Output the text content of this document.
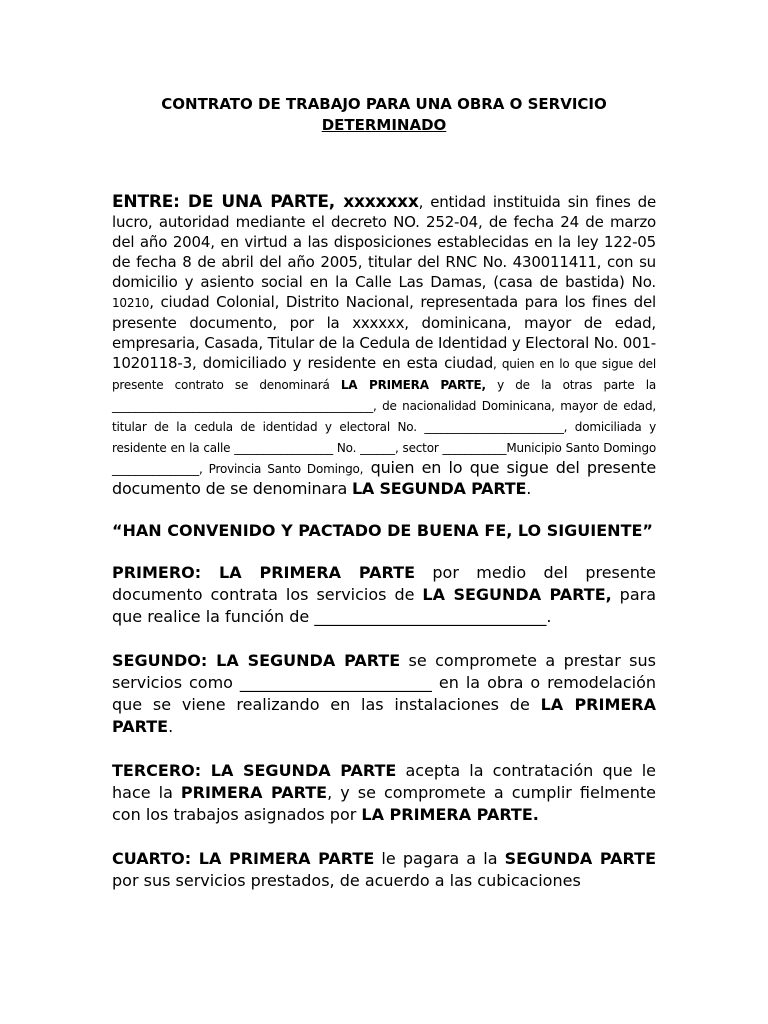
CONTRATO DE TRABAJO PARA UNA OBRA O SERVICIO
DETERMINADO

ENTRE: DE UNA PARTE, xxxxxxx, entidad instituida sin fines de lucro, autoridad mediante el decreto NO. 252-04, de fecha 24 de marzo del año 2004, en virtud a las disposiciones establecidas en la ley 122-05 de fecha 8 de abril del año 2005, titular del RNC No. 430011411, con su domicilio y asiento social en la Calle Las Damas, (casa de bastida) No. 10210, ciudad Colonial, Distrito Nacional, representada para los fines del presente documento, por la xxxxxx, dominicana, mayor de edad, empresaria, Casada, Titular de la Cedula de Identidad y Electoral No. 001-1020118-3, domiciliado y residente en esta ciudad, quien en lo que sigue del presente contrato se denominará LA PRIMERA PARTE, y de la otras parte la _____________________________________________, de nacionalidad Dominicana, mayor de edad, titular de la cedula de identidad y electoral No. ________________________, domiciliada y residente en la calle _________________ No. ______, sector ___________Municipio Santo Domingo _______________, Provincia Santo Domingo, quien en lo que sigue del presente documento de se denominara LA SEGUNDA PARTE.

“HAN CONVENIDO Y PACTADO DE BUENA FE, LO SIGUIENTE”

PRIMERO: LA PRIMERA PARTE por medio del presente documento contrata los servicios de LA SEGUNDA PARTE, para que realice la función de _____________________________.

SEGUNDO: LA SEGUNDA PARTE se compromete a prestar sus servicios como ________________________ en la obra o remodelación que se viene realizando en las instalaciones de LA PRIMERA PARTE.

TERCERO: LA SEGUNDA PARTE acepta la contratación que le hace la PRIMERA PARTE, y se compromete a cumplir fielmente con los trabajos asignados por LA PRIMERA PARTE.

CUARTO: LA PRIMERA PARTE le pagara a la SEGUNDA PARTE por sus servicios prestados, de acuerdo a las cubicaciones
